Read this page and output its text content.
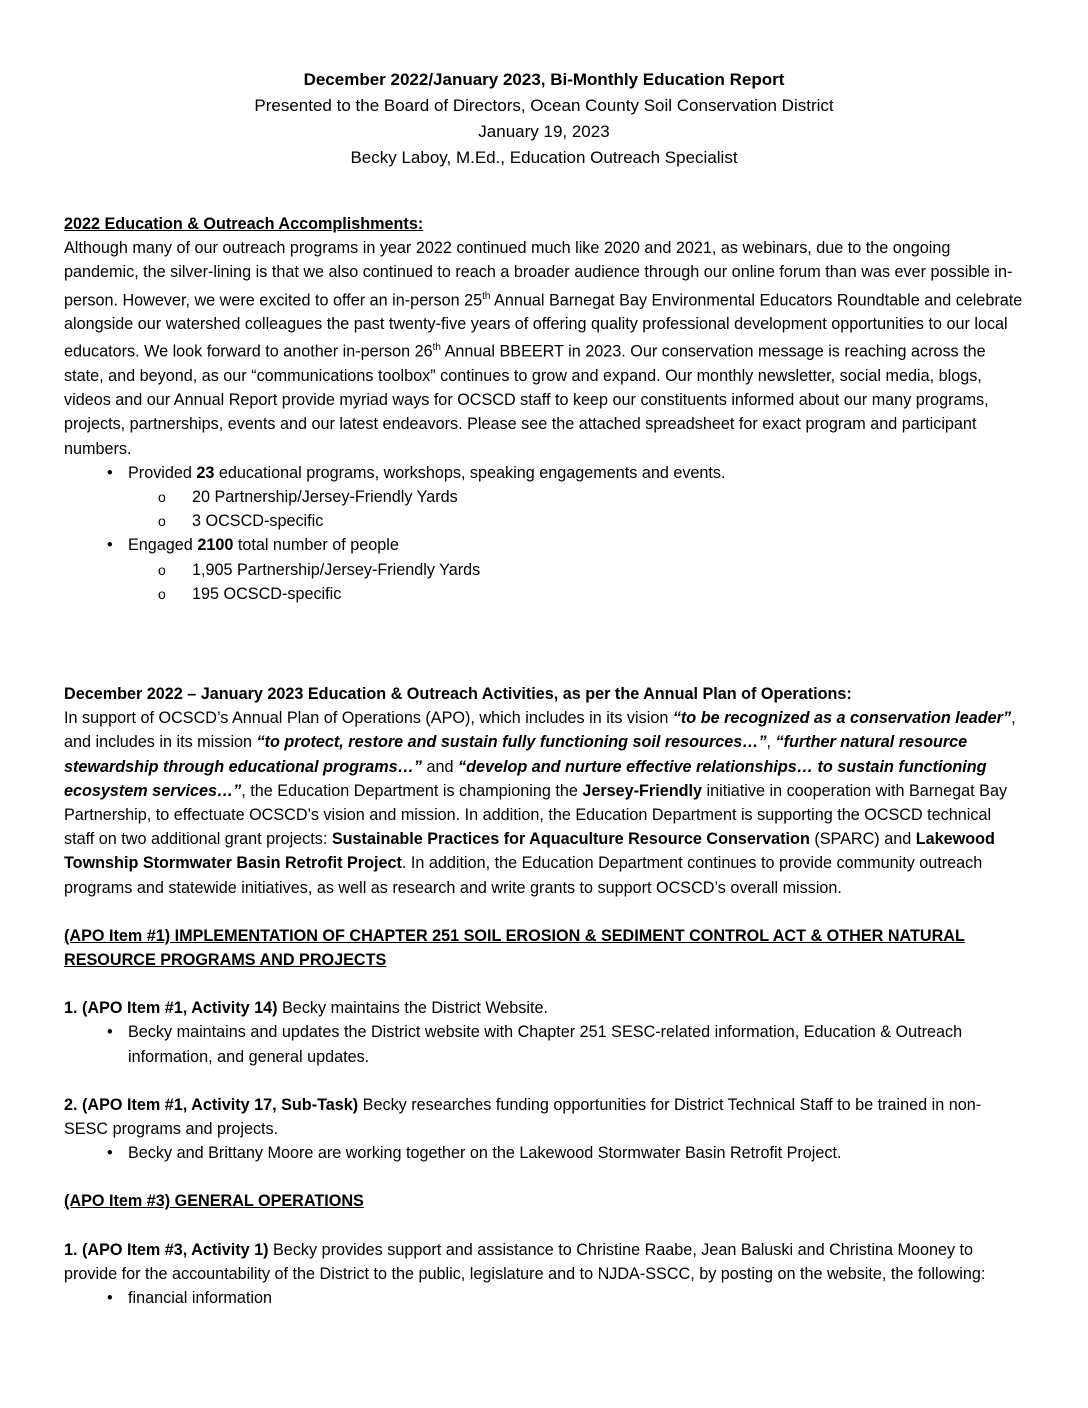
December 2022/January 2023, Bi-Monthly Education Report
Presented to the Board of Directors, Ocean County Soil Conservation District
January 19, 2023
Becky Laboy, M.Ed., Education Outreach Specialist

2022 Education & Outreach Accomplishments:

Although many of our outreach programs in year 2022 continued much like 2020 and 2021, as webinars, due to the ongoing pandemic, the silver-lining is that we also continued to reach a broader audience through our online forum than was ever possible in-person. However, we were excited to offer an in-person 25th Annual Barnegat Bay Environmental Educators Roundtable and celebrate alongside our watershed colleagues the past twenty-five years of offering quality professional development opportunities to our local educators. We look forward to another in-person 26th Annual BBEERT in 2023. Our conservation message is reaching across the state, and beyond, as our “communications toolbox” continues to grow and expand. Our monthly newsletter, social media, blogs, videos and our Annual Report provide myriad ways for OCSCD staff to keep our constituents informed about our many programs, projects, partnerships, events and our latest endeavors. Please see the attached spreadsheet for exact program and participant numbers.

• Provided 23 educational programs, workshops, speaking engagements and events.
o 20 Partnership/Jersey-Friendly Yards
o 3 OCSCD-specific
• Engaged 2100 total number of people
o 1,905 Partnership/Jersey-Friendly Yards
o 195 OCSCD-specific

December 2022 – January 2023 Education & Outreach Activities, as per the Annual Plan of Operations:

In support of OCSCD’s Annual Plan of Operations (APO), which includes in its vision “to be recognized as a conservation leader”, and includes in its mission “to protect, restore and sustain fully functioning soil resources…”, “further natural resource stewardship through educational programs…” and “develop and nurture effective relationships… to sustain functioning ecosystem services…”, the Education Department is championing the Jersey-Friendly initiative in cooperation with Barnegat Bay Partnership, to effectuate OCSCD’s vision and mission. In addition, the Education Department is supporting the OCSCD technical staff on two additional grant projects: Sustainable Practices for Aquaculture Resource Conservation (SPARC) and Lakewood Township Stormwater Basin Retrofit Project. In addition, the Education Department continues to provide community outreach programs and statewide initiatives, as well as research and write grants to support OCSCD’s overall mission.

(APO Item #1) IMPLEMENTATION OF CHAPTER 251 SOIL EROSION & SEDIMENT CONTROL ACT & OTHER NATURAL RESOURCE PROGRAMS AND PROJECTS

1. (APO Item #1, Activity 14) Becky maintains the District Website.

• Becky maintains and updates the District website with Chapter 251 SESC-related information, Education & Outreach information, and general updates.

2. (APO Item #1, Activity 17, Sub-Task) Becky researches funding opportunities for District Technical Staff to be trained in non-SESC programs and projects.

• Becky and Brittany Moore are working together on the Lakewood Stormwater Basin Retrofit Project.

(APO Item #3) GENERAL OPERATIONS

1. (APO Item #3, Activity 1) Becky provides support and assistance to Christine Raabe, Jean Baluski and Christina Mooney to provide for the accountability of the District to the public, legislature and to NJDA-SSCC, by posting on the website, the following:

• financial information
